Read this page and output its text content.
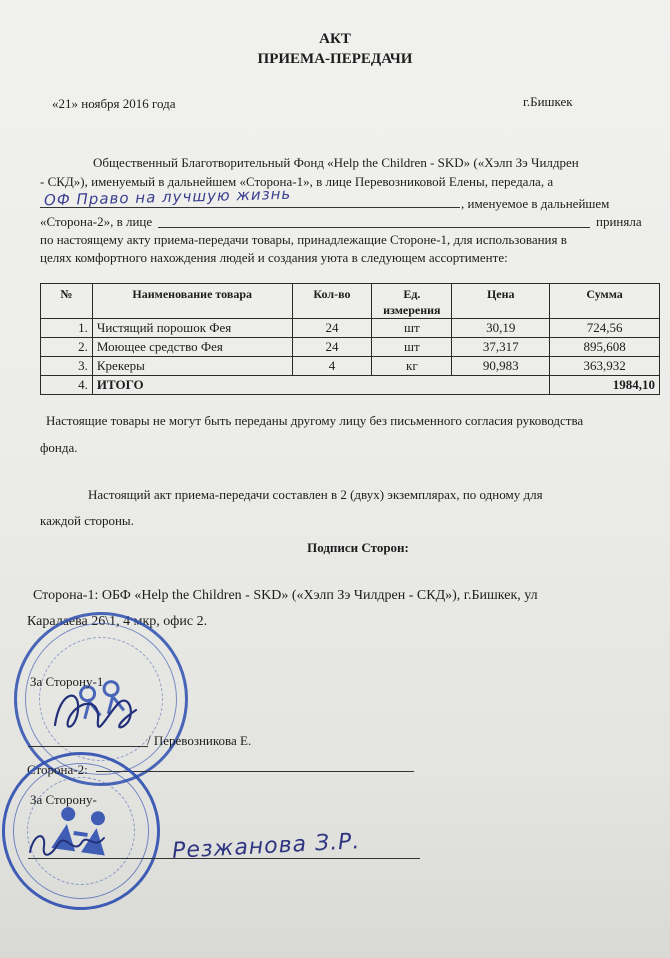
АКТ
ПРИЕМА-ПЕРЕДАЧИ
«21» ноября 2016 года	г.Бишкек
Общественный Благотворительный Фонд «Help the Children - SKD» («Хэлп Зэ Чилдрен
- СКД»), именуемый в дальнейшем «Сторона-1», в лице Перевозниковой Елены, передала, а
ОФ Право на лучшую жизнь	, именуемое в дальнейшем
«Сторона-2», в лице	приняла
по настоящему акту приема-передачи товары, принадлежащие Стороне-1, для использования в
целях комфортного нахождения людей и создания уюта в следующем ассортименте:
№	Наименование товара	Кол-во	Ед. измерения	Цена	Сумма
1.	Чистящий порошок Фея	24	шт	30,19	724,56
2.	Моющее средство Фея	24	шт	37,317	895,608
3.	Крекеры	4	кг	90,983	363,932
4.	ИТОГО				1984,10
Настоящие товары не могут быть переданы другому лицу без письменного согласия руководства
фонда.
Настоящий акт приема-передачи составлен в 2 (двух) экземплярах, по одному для
каждой стороны.
Подписи Сторон:
Сторона-1: ОБФ «Help the Children - SKD» («Хэлп Зэ Чилдрен - СКД»), г.Бишкек, ул
Каралаева 26\1, 4 мкр, офис 2.
За Сторону-1
/ Перевозникова Е.
Сторона-2:
За Сторону-
Резжанова З.Р.
